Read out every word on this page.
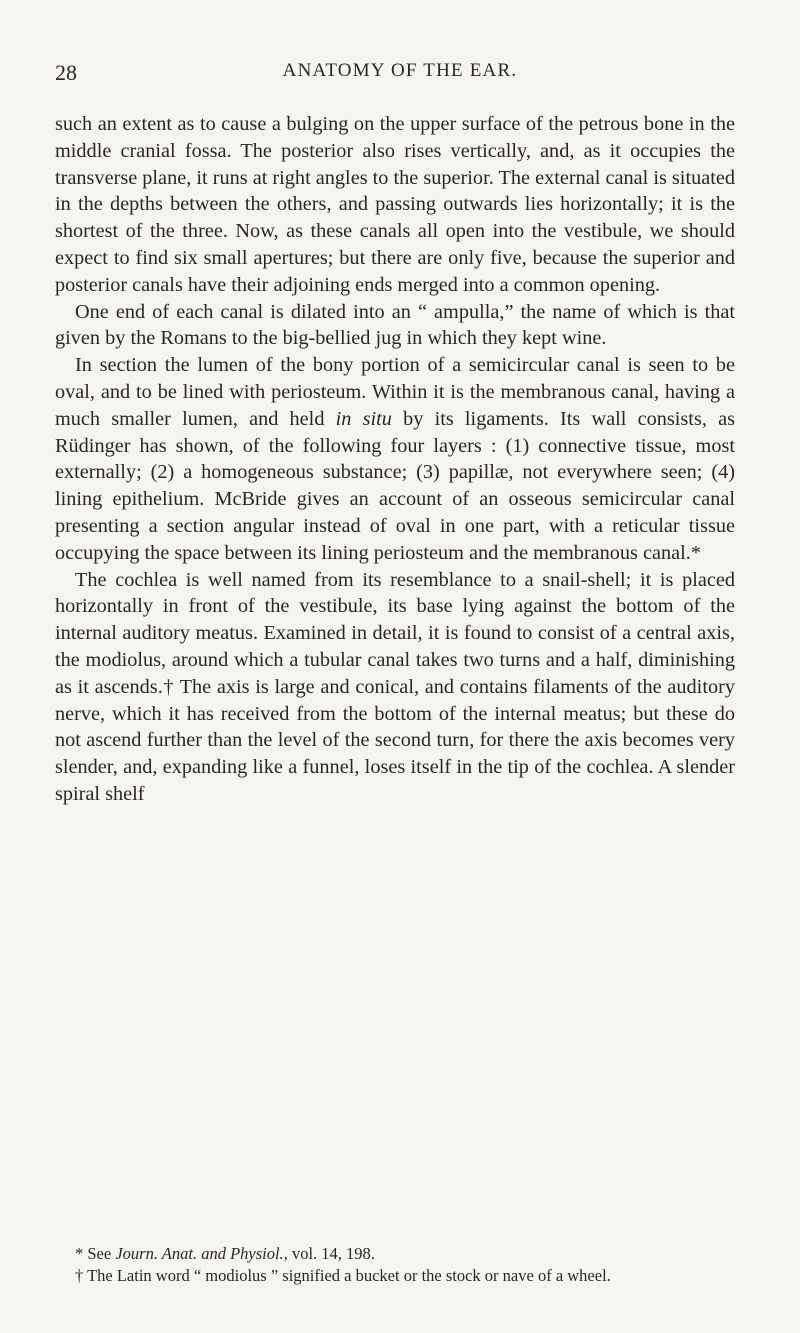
28	ANATOMY OF THE EAR.

such an extent as to cause a bulging on the upper surface of the petrous bone in the middle cranial fossa. The posterior also rises vertically, and, as it occupies the transverse plane, it runs at right angles to the superior. The external canal is situated in the depths between the others, and passing outwards lies horizontally; it is the shortest of the three. Now, as these canals all open into the vestibule, we should expect to find six small apertures; but there are only five, because the superior and posterior canals have their adjoining ends merged into a common opening.

One end of each canal is dilated into an “ ampulla,” the name of which is that given by the Romans to the big-bellied jug in which they kept wine.

In section the lumen of the bony portion of a semicircular canal is seen to be oval, and to be lined with periosteum. Within it is the membranous canal, having a much smaller lumen, and held in situ by its ligaments. Its wall consists, as Rüdinger has shown, of the following four layers : (1) connective tissue, most externally; (2) a homogeneous substance; (3) papillæ, not everywhere seen; (4) lining epithelium. McBride gives an account of an osseous semicircular canal presenting a section angular instead of oval in one part, with a reticular tissue occupying the space between its lining periosteum and the membranous canal.*

The cochlea is well named from its resemblance to a snail-shell; it is placed horizontally in front of the vestibule, its base lying against the bottom of the internal auditory meatus. Examined in detail, it is found to consist of a central axis, the modiolus, around which a tubular canal takes two turns and a half, diminishing as it ascends.† The axis is large and conical, and contains filaments of the auditory nerve, which it has received from the bottom of the internal meatus; but these do not ascend further than the level of the second turn, for there the axis becomes very slender, and, expanding like a funnel, loses itself in the tip of the cochlea. A slender spiral shelf

* See Journ. Anat. and Physiol., vol. 14, 198.

† The Latin word “ modiolus ” signified a bucket or the stock or nave of a wheel.
